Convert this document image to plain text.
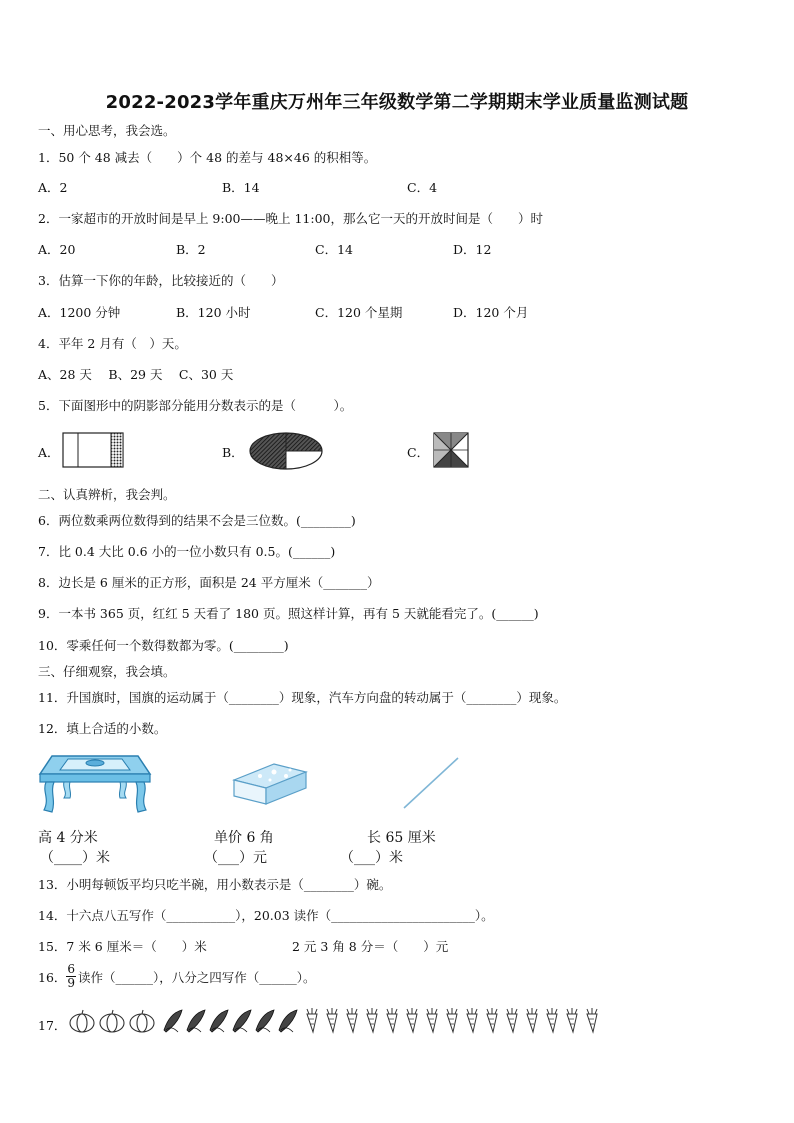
2022-2023学年重庆万州年三年级数学第二学期期末学业质量监测试题
一、用心思考，我会选。
1．50 个 48 减去（　　）个 48 的差与 48×46 的积相等。
A．2	B．14	C．4
2．一家超市的开放时间是早上 9:00——晚上 11:00，那么它一天的开放时间是（　　）时
A．20	B．2	C．14	D．12
3．估算一下你的年龄，比较接近的（　　）
A．1200 分钟	B．120 小时	C．120 个星期	D．120 个月
4．平年 2 月有（　）天。
A、28 天　 B、29 天　 C、30 天
5．下面图形中的阴影部分能用分数表示的是（　　　）。
A．	B．	C．
二、认真辨析，我会判。
6．两位数乘两位数得到的结果不会是三位数。(________)
7．比 0.4 大比 0.6 小的一位小数只有 0.5。(______)
8．边长是 6 厘米的正方形，面积是 24 平方厘米（_______）
9．一本书 365 页，红红 5 天看了 180 页。照这样计算，再有 5 天就能看完了。(______)
10．零乘任何一个数得数都为零。(________)
三、仔细观察，我会填。
11．升国旗时，国旗的运动属于（________）现象，汽车方向盘的转动属于（________）现象。
12．填上合适的小数。
高 4 分米
（____）米
单价 6 角
（___）元
长 65 厘米
（___）米
13．小明每顿饭平均只吃半碗，用小数表示是（________）碗。
14．十六点八五写作（___________），20.03 读作（_______________________）。
15．7 米 6 厘米＝（　　）米	2 元 3 角 8 分＝（　　）元
16． $\frac{6}{9}$ 读作（______），八分之四写作（______）。
17．
